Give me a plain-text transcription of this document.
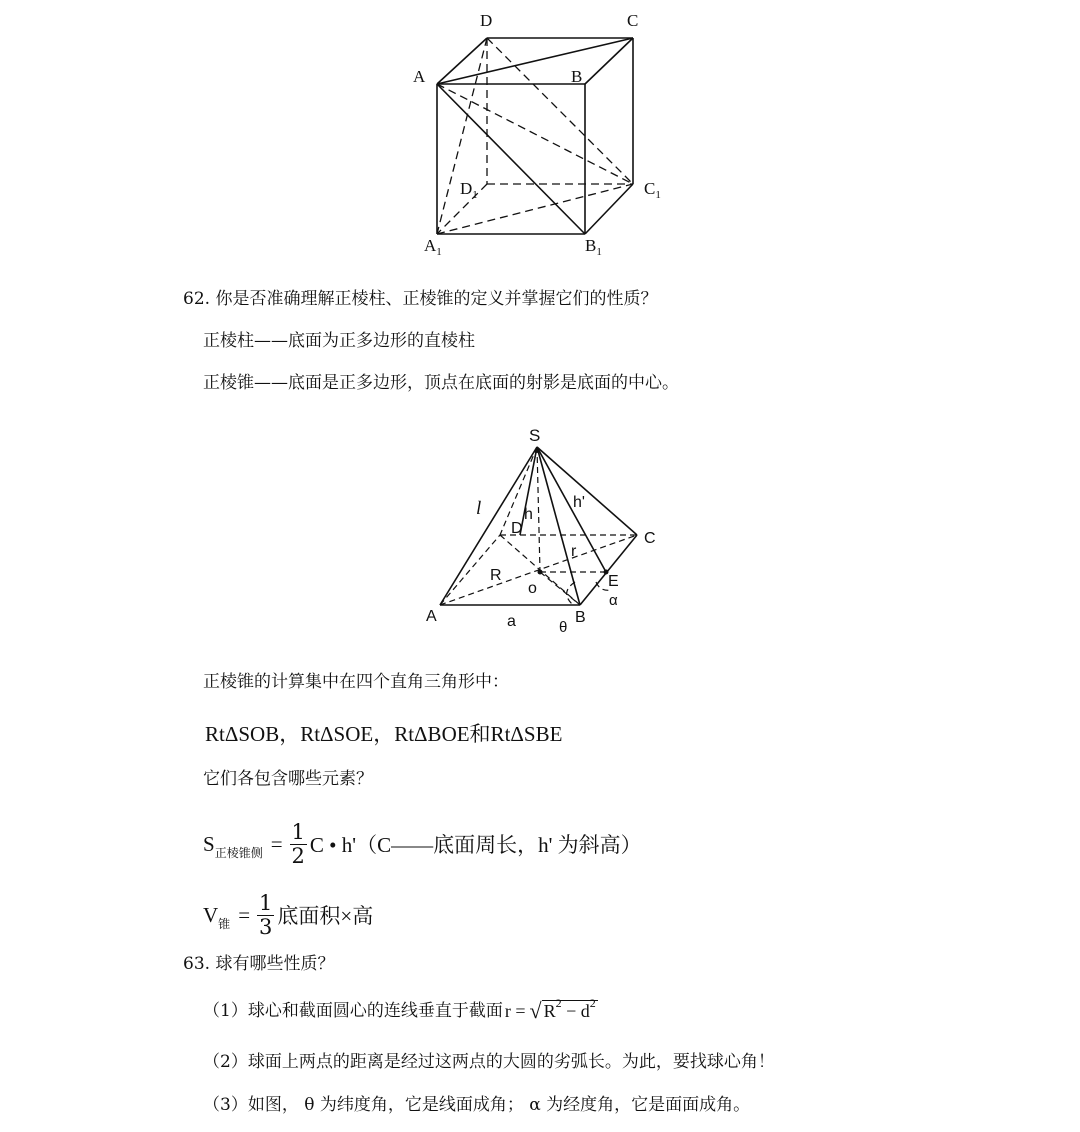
D	C
A	B
$D_1$	$C_1$
$A_1$	$B_1$
62. 你是否准确理解正棱柱、正棱锥的定义并掌握它们的性质？
正棱柱——底面为正多边形的直棱柱
正棱锥——底面是正多边形，顶点在底面的射影是底面的中心。
S
l	h
h'
D
C
r
R
o	E
α
A	a	B
θ
正棱锥的计算集中在四个直角三角形中：
RtΔSOB，RtΔSOE，RtΔBOE和RtΔSBE
它们各包含哪些元素？
S 正棱锥侧 = $\frac{1}{2}$ C • h'（C——底面周长，h' 为斜高）
V 锥 = $\frac{1}{3}$ 底面积×高
63. 球有哪些性质？
（1）球心和截面圆心的连线垂直于截面 r = √ $R^2 - d^2$
（2）球面上两点的距离是经过这两点的大圆的劣弧长。为此，要找球心角！
（3）如图， θ 为纬度角，它是线面成角； α 为经度角，它是面面成角。
